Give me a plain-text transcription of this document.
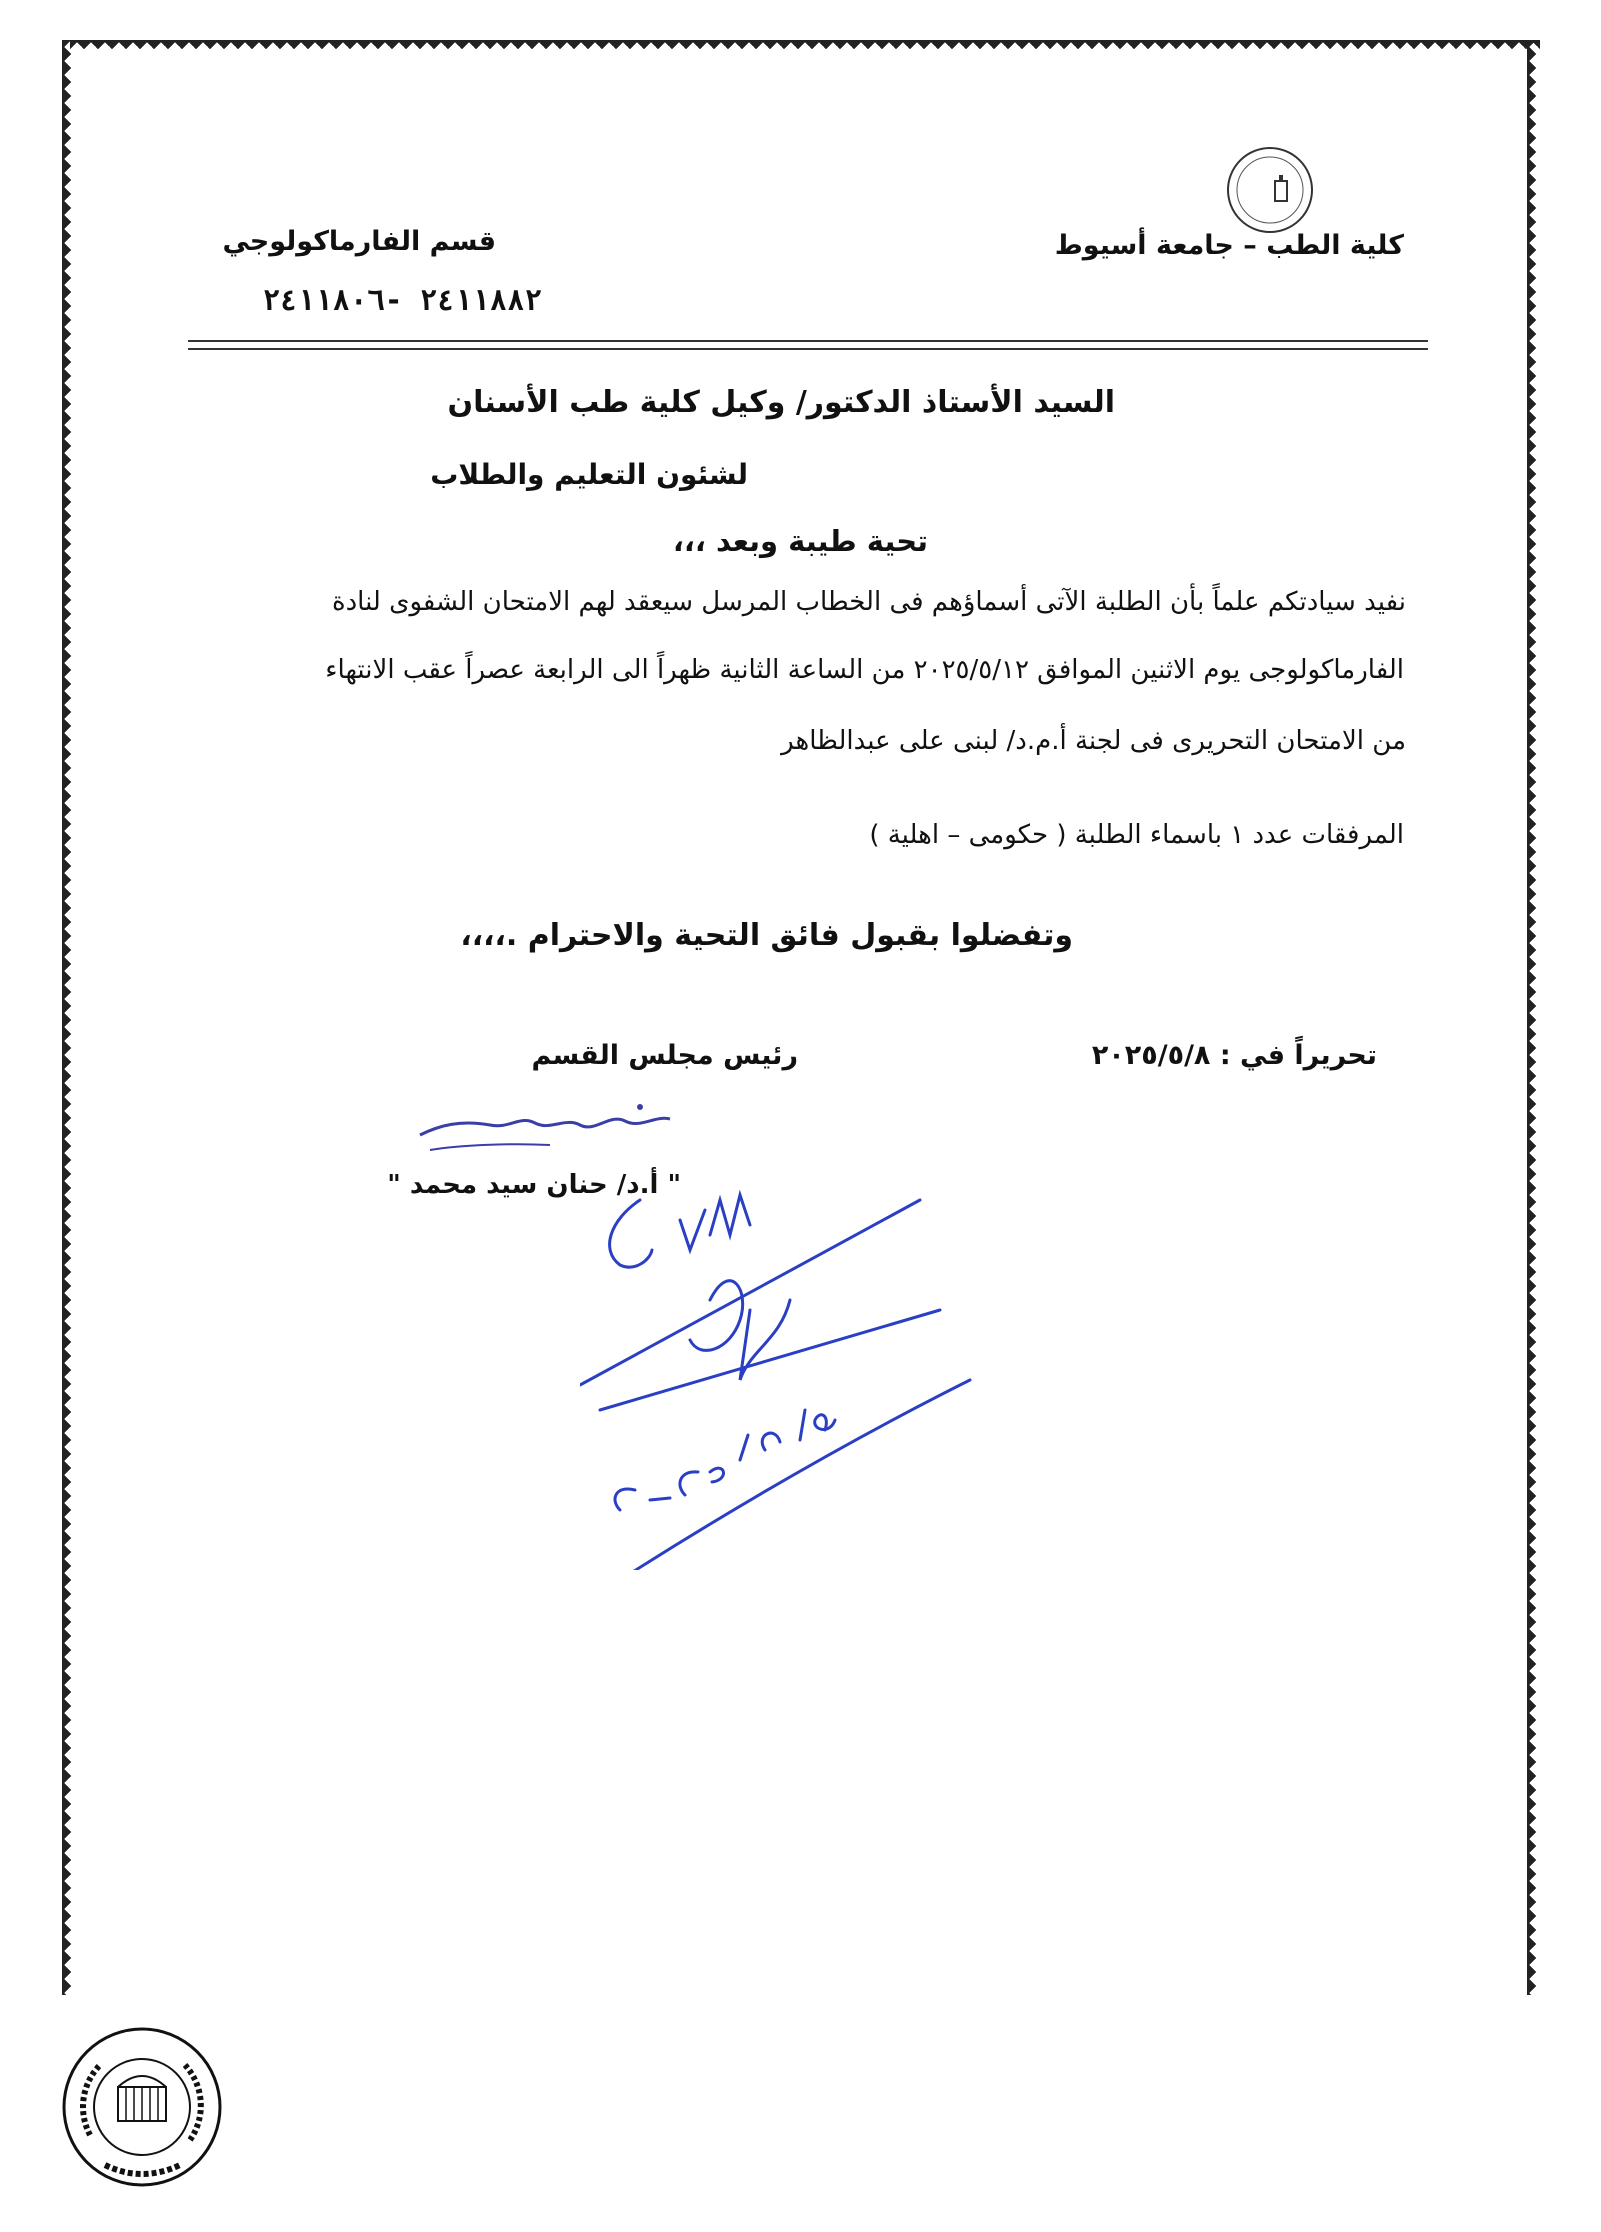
كلية الطب – جامعة أسيوط
قسم الفارماكولوجي
٢٤١١٨٨٢ -٢٤١١٨٠٦
السيد الأستاذ الدكتور/ وكيل كلية طب الأسنان
لشئون التعليم والطلاب
تحية طيبة وبعد ،،،
نفيد سيادتكم علماً بأن الطلبة الآتى أسماؤهم فى الخطاب المرسل سيعقد لهم الامتحان الشفوى لنادة
الفارماكولوجى يوم الاثنين الموافق ٢٠٢٥/٥/١٢ من الساعة الثانية ظهراً الى الرابعة عصراً عقب الانتهاء
من الامتحان التحريرى فى لجنة أ.م.د/ لبنى على عبدالظاهر
المرفقات عدد ١ باسماء الطلبة ( حكومى – اهلية )
وتفضلوا بقبول فائق التحية والاحترام .،،،،
تحريراً في : ٢٠٢٥/٥/٨
رئيس مجلس القسم
" أ.د/ حنان سيد محمد "
